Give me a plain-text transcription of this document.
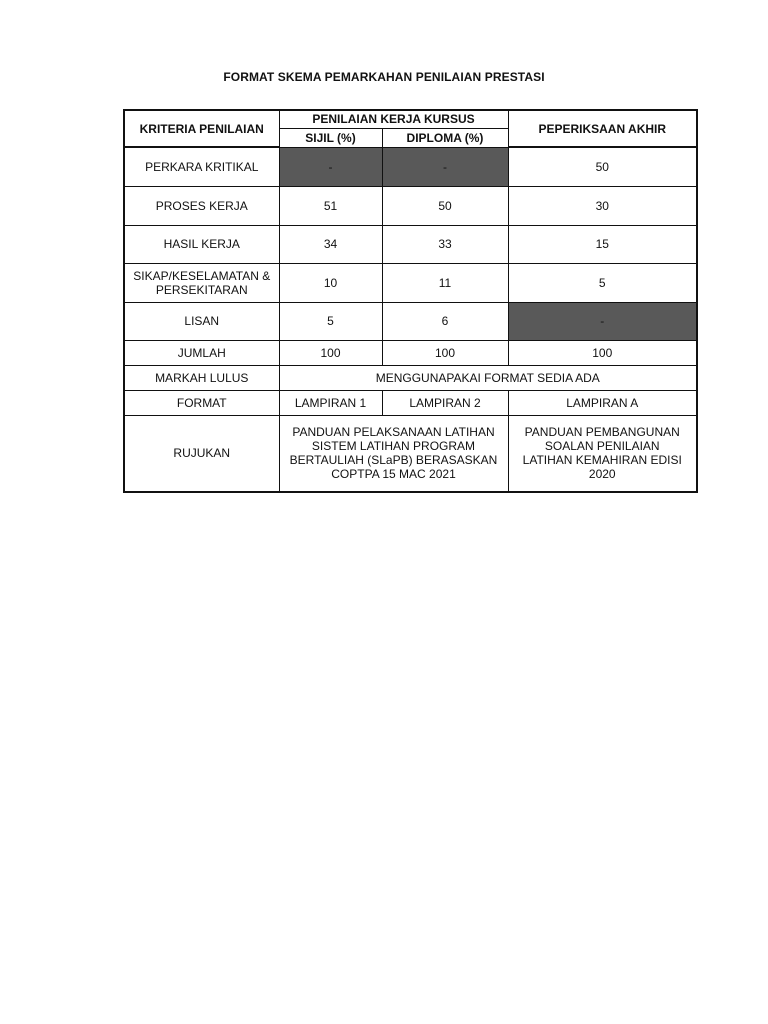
FORMAT SKEMA PEMARKAHAN PENILAIAN PRESTASI
KRITERIA PENILAIAN	PENILAIAN KERJA KURSUS		PEPERIKSAAN AKHIR
	SIJIL (%)	DIPLOMA (%)	
PERKARA KRITIKAL	-	-	50
PROSES KERJA	51	50	30
HASIL KERJA	34	33	15
SIKAP/KESELAMATAN & PERSEKITARAN	10	11	5
LISAN	5	6	-
JUMLAH	100	100	100
MARKAH LULUS	MENGGUNAPAKAI FORMAT SEDIA ADA		
FORMAT	LAMPIRAN 1	LAMPIRAN 2	LAMPIRAN A
RUJUKAN	PANDUAN PELAKSANAAN LATIHAN SISTEM LATIHAN PROGRAM BERTAULIAH (SLaPB) BERASASKAN COPTPA 15 MAC 2021		PANDUAN PEMBANGUNAN SOALAN PENILAIAN LATIHAN KEMAHIRAN EDISI 2020
